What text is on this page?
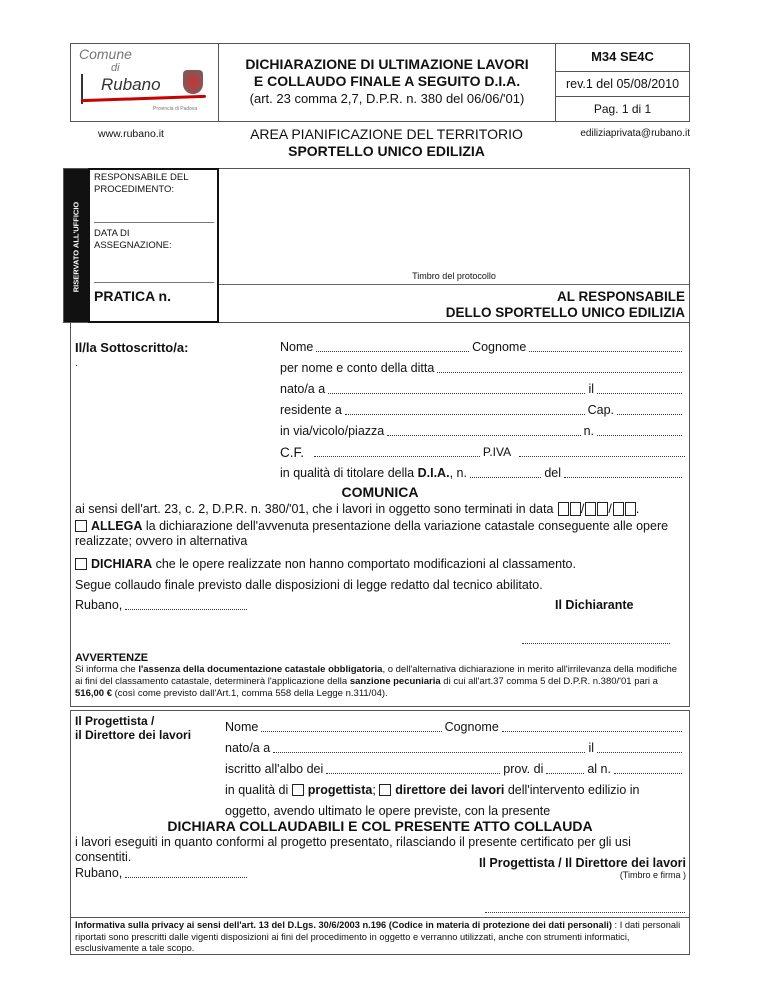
Comune
di
Rubano
Provincia di Padova
DICHIARAZIONE DI ULTIMAZIONE LAVORI
E COLLAUDO FINALE A SEGUITO D.I.A.
(art. 23 comma 2,7, D.P.R. n. 380 del 06/06/'01)
M34 SE4C
rev.1 del 05/08/2010
Pag. 1 di 1
www.rubano.it	AREA PIANIFICAZIONE DEL TERRITORIO
SPORTELLO UNICO EDILIZIA
ediliziaprivata@rubano.it
RISERVATO ALL'UFFICIO
RESPONSABILE DEL PROCEDIMENTO:
DATA DI ASSEGNAZIONE:
PRATICA n.
Timbro del protocollo
AL RESPONSABILE
DELLO SPORTELLO UNICO EDILIZIA
Il/la Sottoscritto/a:
.
Nome	Cognome
per nome e conto della ditta
nato/a a	il
residente a	Cap.
in via/vicolo/piazza	n.
C.F.	P.IVA
in qualità di titolare della
D.I.A. , n.	del
COMUNICA
ai sensi dell'art. 23, c. 2, D.P.R. n. 380/'01, che i lavori in oggetto sono terminati in data
	/ / .
ALLEGA la dichiarazione dell'avvenuta presentazione della variazione catastale conseguente alle opere realizzate; ovvero in alternativa
DICHIARA che le opere realizzate non hanno comportato modificazioni al classamento.
Segue collaudo finale previsto dalle disposizioni di legge redatto dal tecnico abilitato.
Rubano,	Il Dichiarante
AVVERTENZE
Si informa che l'assenza della documentazione catastale obbligatoria, o dell'alternativa dichiarazione in merito all'irrilevanza della modifiche ai fini del classamento catastale, determinerà l'applicazione della sanzione pecuniaria di cui all'art.37 comma 5 del D.P.R. n.380/'01 pari a 516,00 € (così come previsto dall'Art.1, comma 558 della Legge n.311/04).
Il Progettista /
il Direttore dei lavori
Nome	Cognome
nato/a a	il
iscritto all'albo dei	prov. di	al n.
in qualità di progettista; direttore dei lavori dell'intervento edilizio in
oggetto, avendo ultimato le opere previste, con la presente
DICHIARA COLLAUDABILI E COL PRESENTE ATTO COLLAUDA
i lavori eseguiti in quanto conformi al progetto presentato, rilasciando il presente certificato per gli usi consentiti.
Rubano,
Il Progettista / Il Direttore dei lavori
(Timbro e firma )
Informativa sulla privacy ai sensi dell'art. 13 del D.Lgs. 30/6/2003 n.196 (Codice in materia di protezione dei dati personali) : I dati personali riportati sono prescritti dalle vigenti disposizioni ai fini del procedimento in oggetto e verranno utilizzati, anche con strumenti informatici, esclusivamente a tale scopo.
